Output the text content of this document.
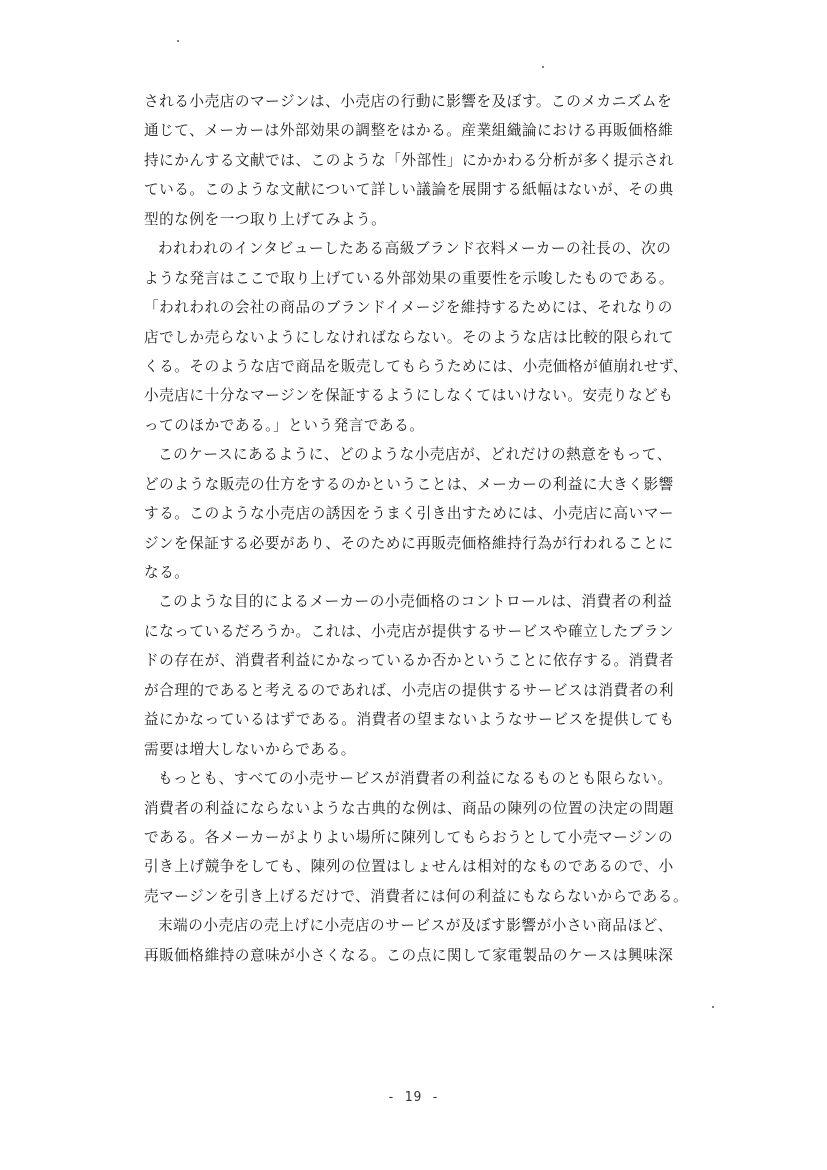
される小売店のマージンは、小売店の行動に影響を及ぼす。このメカニズムを
通じて、メーカーは外部効果の調整をはかる。産業組織論における再販価格維
持にかんする文献では、このような「外部性」にかかわる分析が多く提示され
ている。このような文献について詳しい議論を展開する紙幅はないが、その典
型的な例を一つ取り上げてみよう。
われわれのインタビューしたある高級ブランド衣料メーカーの社長の、次の
ような発言はここで取り上げている外部効果の重要性を示唆したものである。
「われわれの会社の商品のブランドイメージを維持するためには、それなりの
店でしか売らないようにしなければならない。そのような店は比較的限られて
くる。そのような店で商品を販売してもらうためには、小売価格が値崩れせず、
小売店に十分なマージンを保証するようにしなくてはいけない。安売りなども
ってのほかである。」という発言である。
このケースにあるように、どのような小売店が、どれだけの熱意をもって、
どのような販売の仕方をするのかということは、メーカーの利益に大きく影響
する。このような小売店の誘因をうまく引き出すためには、小売店に高いマー
ジンを保証する必要があり、そのために再販売価格維持行為が行われることに
なる。
このような目的によるメーカーの小売価格のコントロールは、消費者の利益
になっているだろうか。これは、小売店が提供するサービスや確立したブラン
ドの存在が、消費者利益にかなっているか否かということに依存する。消費者
が合理的であると考えるのであれば、小売店の提供するサービスは消費者の利
益にかなっているはずである。消費者の望まないようなサービスを提供しても
需要は増大しないからである。
もっとも、すべての小売サービスが消費者の利益になるものとも限らない。
消費者の利益にならないような古典的な例は、商品の陳列の位置の決定の問題
である。各メーカーがよりよい場所に陳列してもらおうとして小売マージンの
引き上げ競争をしても、陳列の位置はしょせんは相対的なものであるので、小
売マージンを引き上げるだけで、消費者には何の利益にもならないからである。
末端の小売店の売上げに小売店のサービスが及ぼす影響が小さい商品ほど、
再販価格維持の意味が小さくなる。この点に関して家電製品のケースは興味深
- 19 -
